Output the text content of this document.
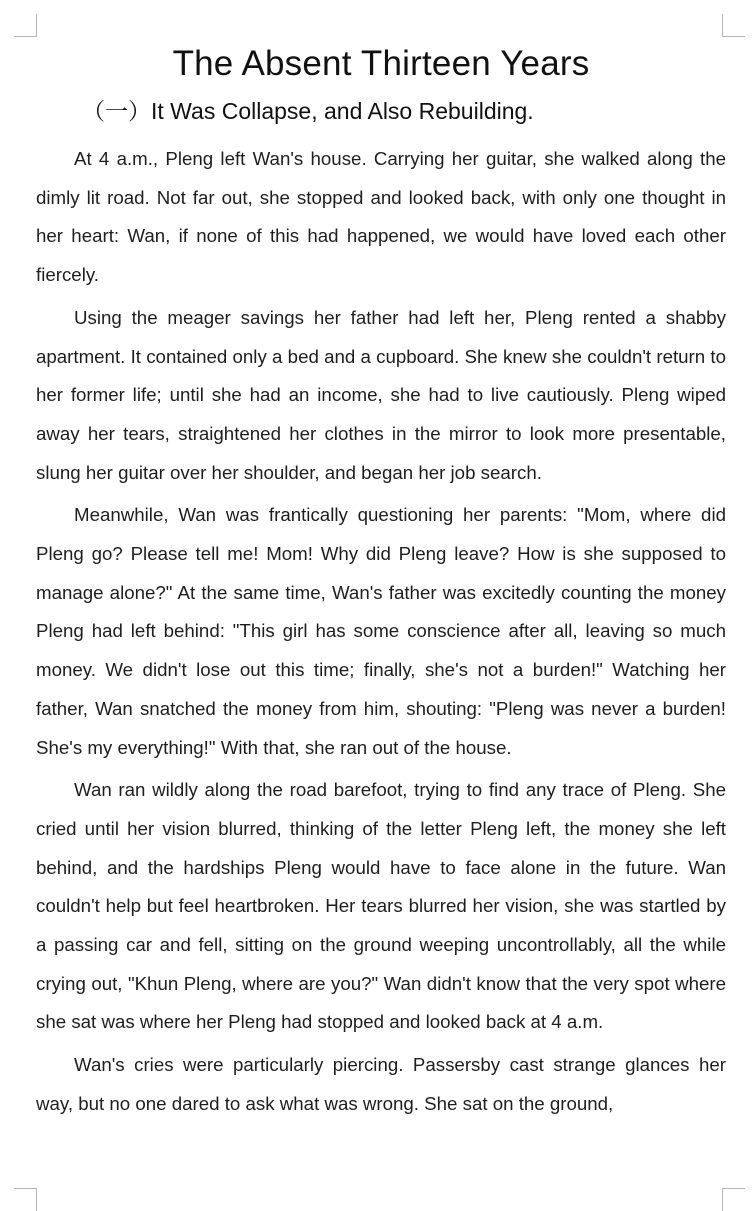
The Absent Thirteen Years
（一）It Was Collapse, and Also Rebuilding.

At 4 a.m., Pleng left Wan's house. Carrying her guitar, she walked along the dimly lit road. Not far out, she stopped and looked back, with only one thought in her heart: Wan, if none of this had happened, we would have loved each other fiercely.

Using the meager savings her father had left her, Pleng rented a shabby apartment. It contained only a bed and a cupboard. She knew she couldn't return to her former life; until she had an income, she had to live cautiously. Pleng wiped away her tears, straightened her clothes in the mirror to look more presentable, slung her guitar over her shoulder, and began her job search.

Meanwhile, Wan was frantically questioning her parents: "Mom, where did Pleng go? Please tell me! Mom! Why did Pleng leave? How is she supposed to manage alone?" At the same time, Wan's father was excitedly counting the money Pleng had left behind: "This girl has some conscience after all, leaving so much money. We didn't lose out this time; finally, she's not a burden!" Watching her father, Wan snatched the money from him, shouting: "Pleng was never a burden! She's my everything!" With that, she ran out of the house.

Wan ran wildly along the road barefoot, trying to find any trace of Pleng. She cried until her vision blurred, thinking of the letter Pleng left, the money she left behind, and the hardships Pleng would have to face alone in the future. Wan couldn't help but feel heartbroken. Her tears blurred her vision, she was startled by a passing car and fell, sitting on the ground weeping uncontrollably, all the while crying out, "Khun Pleng, where are you?" Wan didn't know that the very spot where she sat was where her Pleng had stopped and looked back at 4 a.m.

Wan's cries were particularly piercing. Passersby cast strange glances her way, but no one dared to ask what was wrong. She sat on the ground,
